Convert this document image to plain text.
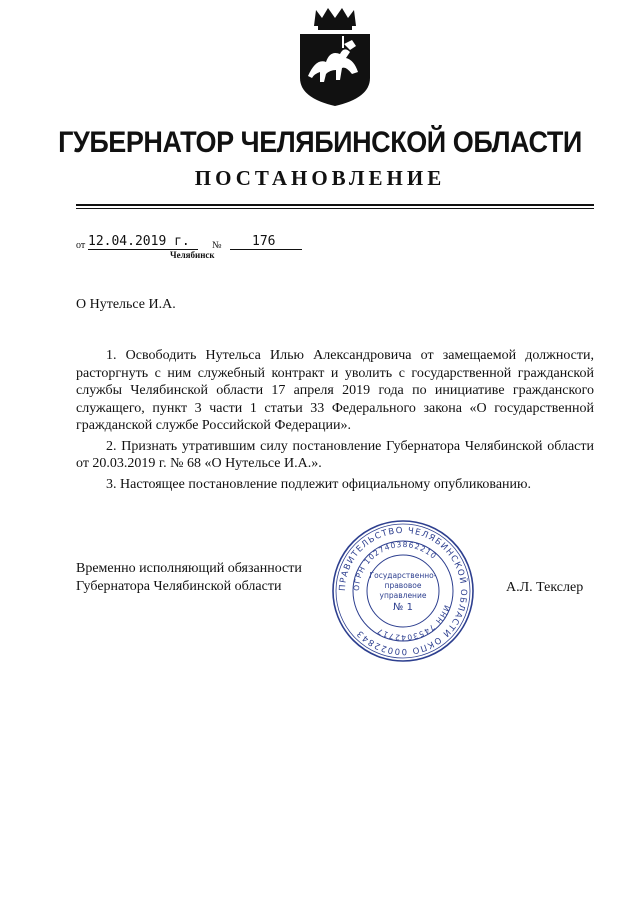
ГУБЕРНАТОР ЧЕЛЯБИНСКОЙ ОБЛАСТИ
ПОСТАНОВЛЕНИЕ
от 12.04.2019 г.	№	176
Челябинск
О Нутельсе И.А.

1. Освободить Нутельса Илью Александровича от замещаемой должности, расторгнуть с ним служебный контракт и уволить с государственной гражданской службы Челябинской области 17 апреля 2019 года по инициативе гражданского служащего, пункт 3 части 1 статьи 33 Федерального закона «О государственной гражданской службе Российской Федерации».

2. Признать утратившим силу постановление Губернатора Челябинской области от 20.03.2019 г. № 68 «О Нутельсе И.А.».

3. Настоящее постановление подлежит официальному опубликованию.

Временно исполняющий обязанности
Губернатора Челябинской области	А.Л. Текслер
ПРАВИТЕЛЬСТВО ЧЕЛЯБИНСКОЙ ОБЛАСТИ ОКПО 00022843
ОГРН 1027403862210
ИНН 7453042717
Государственно-
правовое
управление
№ 1
